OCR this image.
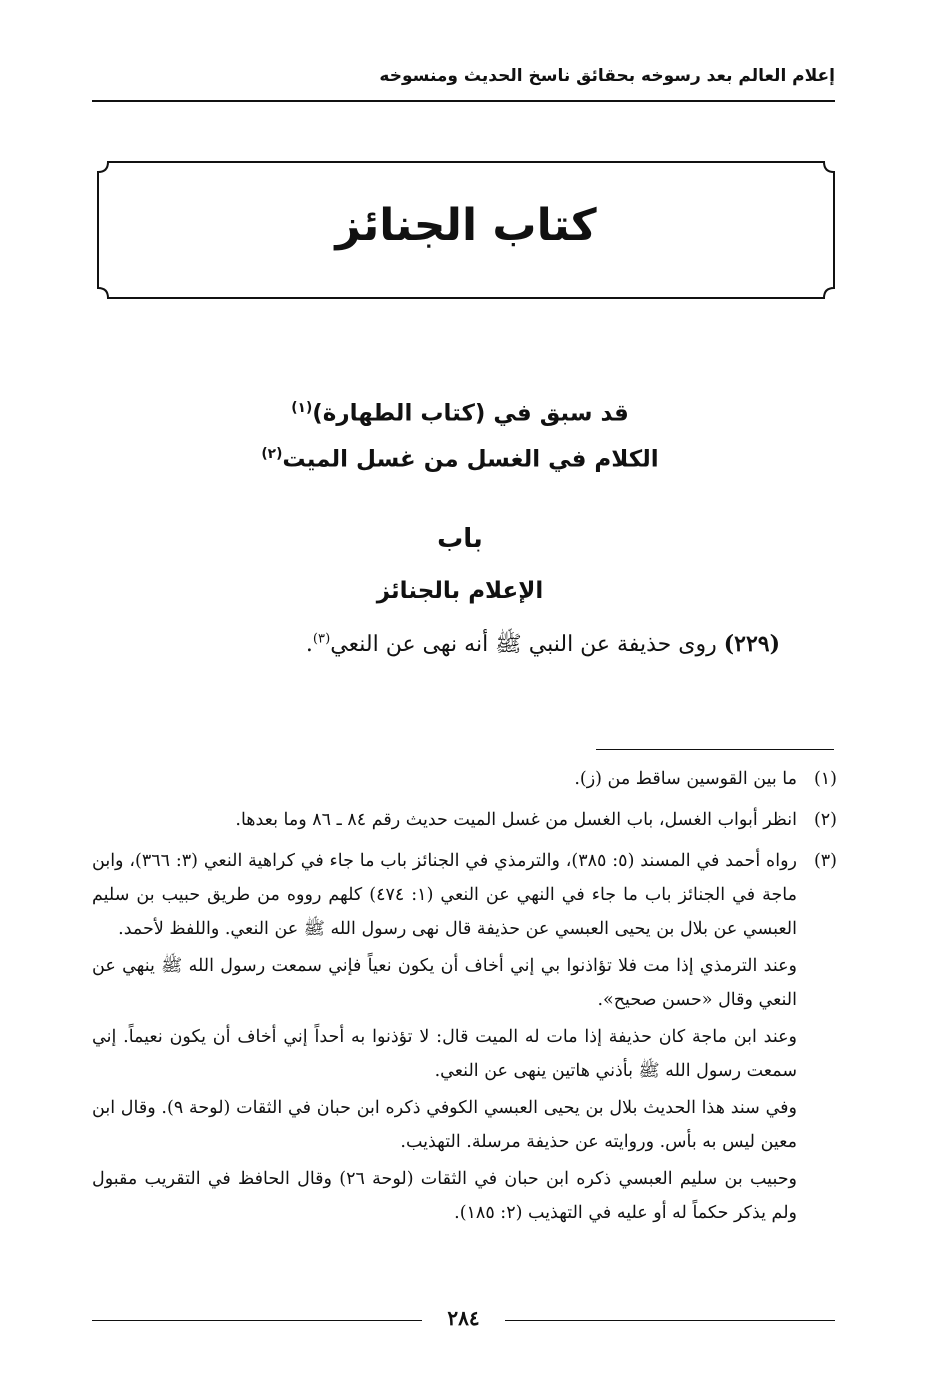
إعلام العالم بعد رسوخه بحقائق ناسخ الحديث ومنسوخه
كتاب الجنائز
قد سبق في (كتاب الطهارة)$^{(١)}$
الكلام في الغسل من غسل الميت$^{(٢)}$
باب
الإعلام بالجنائز
(٢٢٩) روى حذيفة عن النبي ﷺ أنه نهى عن النعي$^{(٣)}$.
(١)

ما بين القوسين ساقط من (ز).

(٢)

انظر أبواب الغسل، باب الغسل من غسل الميت حديث رقم ٨٤ ـ ٨٦ وما بعدها.

(٣)

رواه أحمد في المسند (٥: ٣٨٥)، والترمذي في الجنائز باب ما جاء في كراهية النعي (٣: ٣٦٦)، وابن ماجة في الجنائز باب ما جاء في النهي عن النعي (١: ٤٧٤) كلهم رووه من طريق حبيب بن سليم العبسي عن بلال بن يحيى العبسي عن حذيفة قال نهى رسول الله ﷺ عن النعي. واللفظ لأحمد.

وعند الترمذي إذا مت فلا تؤاذنوا بي إني أخاف أن يكون نعياً فإني سمعت رسول الله ﷺ ينهي عن النعي وقال «حسن صحيح».

وعند ابن ماجة كان حذيفة إذا مات له الميت قال: لا تؤذنوا به أحداً إني أخاف أن يكون نعيماً. إني سمعت رسول الله ﷺ بأذني هاتين ينهى عن النعي.

وفي سند هذا الحديث بلال بن يحيى العبسي الكوفي ذكره ابن حبان في الثقات (لوحة ٩). وقال ابن معين ليس به بأس. وروايته عن حذيفة مرسلة. التهذيب.

وحبيب بن سليم العبسي ذكره ابن حبان في الثقات (لوحة ٢٦) وقال الحافظ في التقريب مقبول ولم يذكر حكماً له أو عليه في التهذيب (٢: ١٨٥).

٢٨٤
